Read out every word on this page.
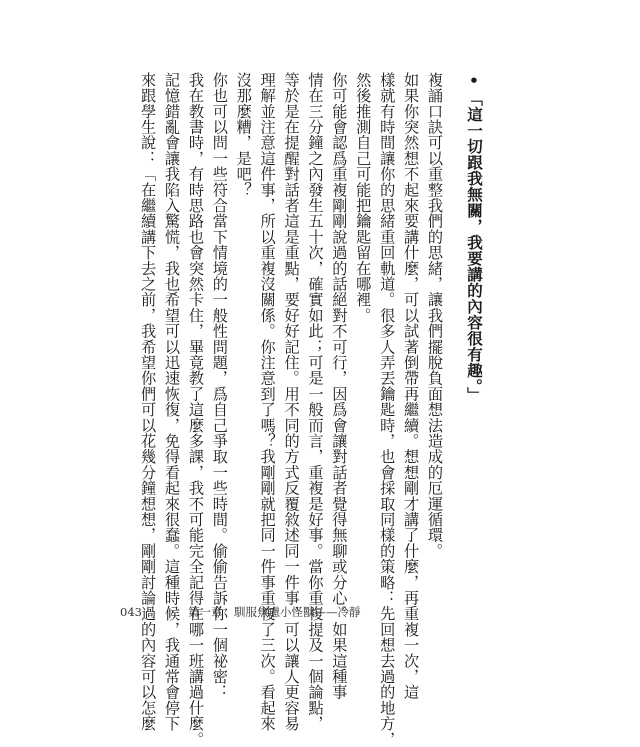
•「這一切跟我無關，我要講的內容很有趣。」

複誦口訣可以重整我們的思緒，讓我們擺脫負面想法造成的厄運循環。

如果你突然想不起來要講什麼，可以試著倒帶再繼續。想想剛才講了什麼，再重複一次，這

樣就有時間讓你的思緒重回軌道。很多人弄丟鑰匙時，也會採取同樣的策略：先回想去過的地方，

然後推測自己可能把鑰匙留在哪裡。

你可能會認爲重複剛剛說過的話絕對不可行，因爲會讓對話者覺得無聊或分心。如果這種事

情在三分鐘之內發生五十次，確實如此；可是一般而言，重複是好事。當你重複提及一個論點，

等於是在提醒對話者這是重點，要好好記住。用不同的方式反覆敘述同一件事，可以讓人更容易

理解並注意這件事，所以重複沒關係。你注意到了嗎？我剛剛就把同一件事重複了三次。看起來

沒那麼糟，是吧？

你也可以問一些符合當下情境的一般性問題，爲自己爭取一些時間。偷偷告訴你一個祕密：

我在教書時，有時思路也會突然卡住，畢竟教了這麼多課，我不可能完全記得在哪一班講過什麼。

記憶錯亂會讓我陷入驚慌，我也希望可以迅速恢復，免得看起來很蠢。這種時候，我通常會停下

來跟學生說：「在繼續講下去之前，我希望你們可以花幾分鐘想想，剛剛討論過的內容可以怎麼

043	第一章　馴服焦慮小怪獸——冷靜
